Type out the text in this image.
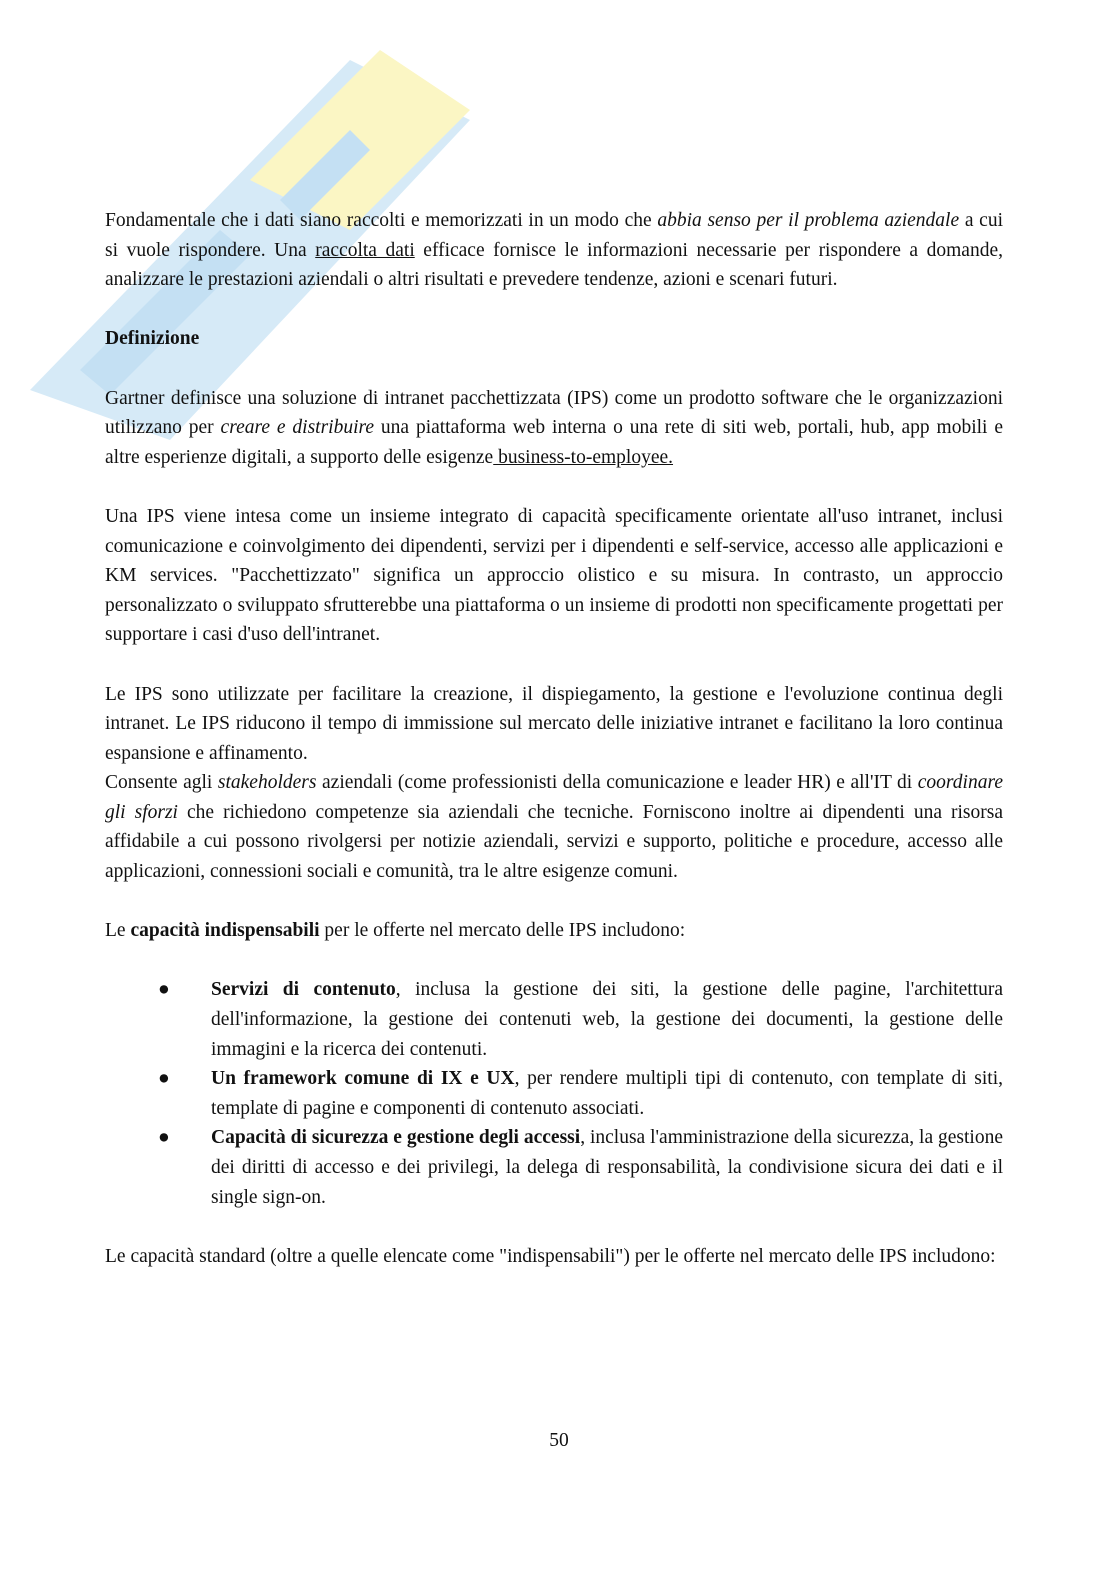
Fondamentale che i dati siano raccolti e memorizzati in un modo che abbia senso per il problema aziendale a cui si vuole rispondere. Una raccolta dati efficace fornisce le informazioni necessarie per rispondere a domande, analizzare le prestazioni aziendali o altri risultati e prevedere tendenze, azioni e scenari futuri.

Definizione

Gartner definisce una soluzione di intranet pacchettizzata (IPS) come un prodotto software che le organizzazioni utilizzano per creare e distribuire una piattaforma web interna o una rete di siti web, portali, hub, app mobili e altre esperienze digitali, a supporto delle esigenze business-to-employee.

Una IPS viene intesa come un insieme integrato di capacità specificamente orientate all'uso intranet, inclusi comunicazione e coinvolgimento dei dipendenti, servizi per i dipendenti e self-service, accesso alle applicazioni e KM services. "Pacchettizzato" significa un approccio olistico e su misura. In contrasto, un approccio personalizzato o sviluppato sfrutterebbe una piattaforma o un insieme di prodotti non specificamente progettati per supportare i casi d'uso dell'intranet.

Le IPS sono utilizzate per facilitare la creazione, il dispiegamento, la gestione e l'evoluzione continua degli intranet. Le IPS riducono il tempo di immissione sul mercato delle iniziative intranet e facilitano la loro continua espansione e affinamento.

Consente agli stakeholders aziendali (come professionisti della comunicazione e leader HR) e all'IT di coordinare gli sforzi che richiedono competenze sia aziendali che tecniche. Forniscono inoltre ai dipendenti una risorsa affidabile a cui possono rivolgersi per notizie aziendali, servizi e supporto, politiche e procedure, accesso alle applicazioni, connessioni sociali e comunità, tra le altre esigenze comuni.

Le capacità indispensabili per le offerte nel mercato delle IPS includono:

● Servizi di contenuto, inclusa la gestione dei siti, la gestione delle pagine, l'architettura dell'informazione, la gestione dei contenuti web, la gestione dei documenti, la gestione delle immagini e la ricerca dei contenuti.
● Un framework comune di IX e UX, per rendere multipli tipi di contenuto, con template di siti, template di pagine e componenti di contenuto associati.
● Capacità di sicurezza e gestione degli accessi, inclusa l'amministrazione della sicurezza, la gestione dei diritti di accesso e dei privilegi, la delega di responsabilità, la condivisione sicura dei dati e il single sign-on.

Le capacità standard (oltre a quelle elencate come "indispensabili") per le offerte nel mercato delle IPS includono:

50
